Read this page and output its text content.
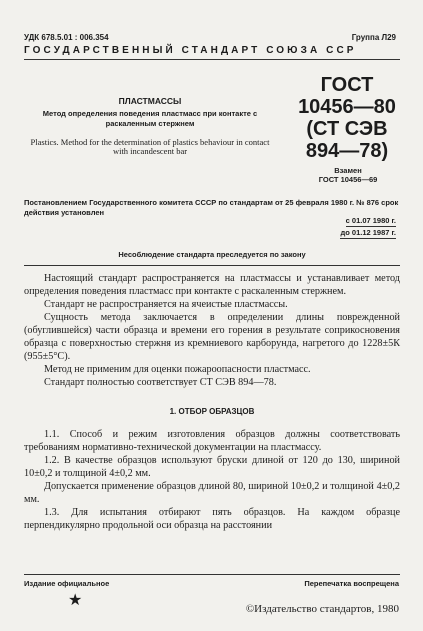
УДК 678.5.01 : 006.354	Группа Л29
ГОСУДАРСТВЕННЫЙ СТАНДАРТ СОЮЗА ССР
ПЛАСТМАССЫ
Метод определения поведения пластмасс при контакте с раскаленным стержнем
Plastics. Method for the determination of plastics behaviour in contact with incandescent bar
ГОСТ
10456—80
(СТ СЭВ
894—78)
Взамен
ГОСТ 10456—69
Постановлением Государственного комитета СССР по стандартам от 25 февраля 1980 г. № 876 срок действия установлен
с 01.07 1980 г.
до 01.12 1987 г.
Несоблюдение стандарта преследуется по закону

Настоящий стандарт распространяется на пластмассы и устанавливает метод определения поведения пластмасс при контакте с раскаленным стержнем.

Стандарт не распространяется на ячеистые пластмассы.

Сущность метода заключается в определении длины поврежденной (обуглившейся) части образца и времени его горения в результате соприкосновения образца с поверхностью стержня из кремниевого карборунда, нагретого до 1228±5К (955±5°С).

Метод не применим для оценки пожароопасности пластмасс.

Стандарт полностью соответствует СТ СЭВ 894—78.

1. ОТБОР ОБРАЗЦОВ

1.1. Способ и режим изготовления образцов должны соответствовать требованиям нормативно-технической документации на пластмассу.

1.2. В качестве образцов используют бруски длиной от 120 до 130, шириной 10±0,2 и толщиной 4±0,2 мм.

Допускается применение образцов длиной 80, шириной 10±0,2 и толщиной 4±0,2 мм.

1.3. Для испытания отбирают пять образцов. На каждом образце перпендикулярно продольной оси образца на расстоянии

Издание официальное	Перепечатка воспрещена
★	©Издательство стандартов, 1980
